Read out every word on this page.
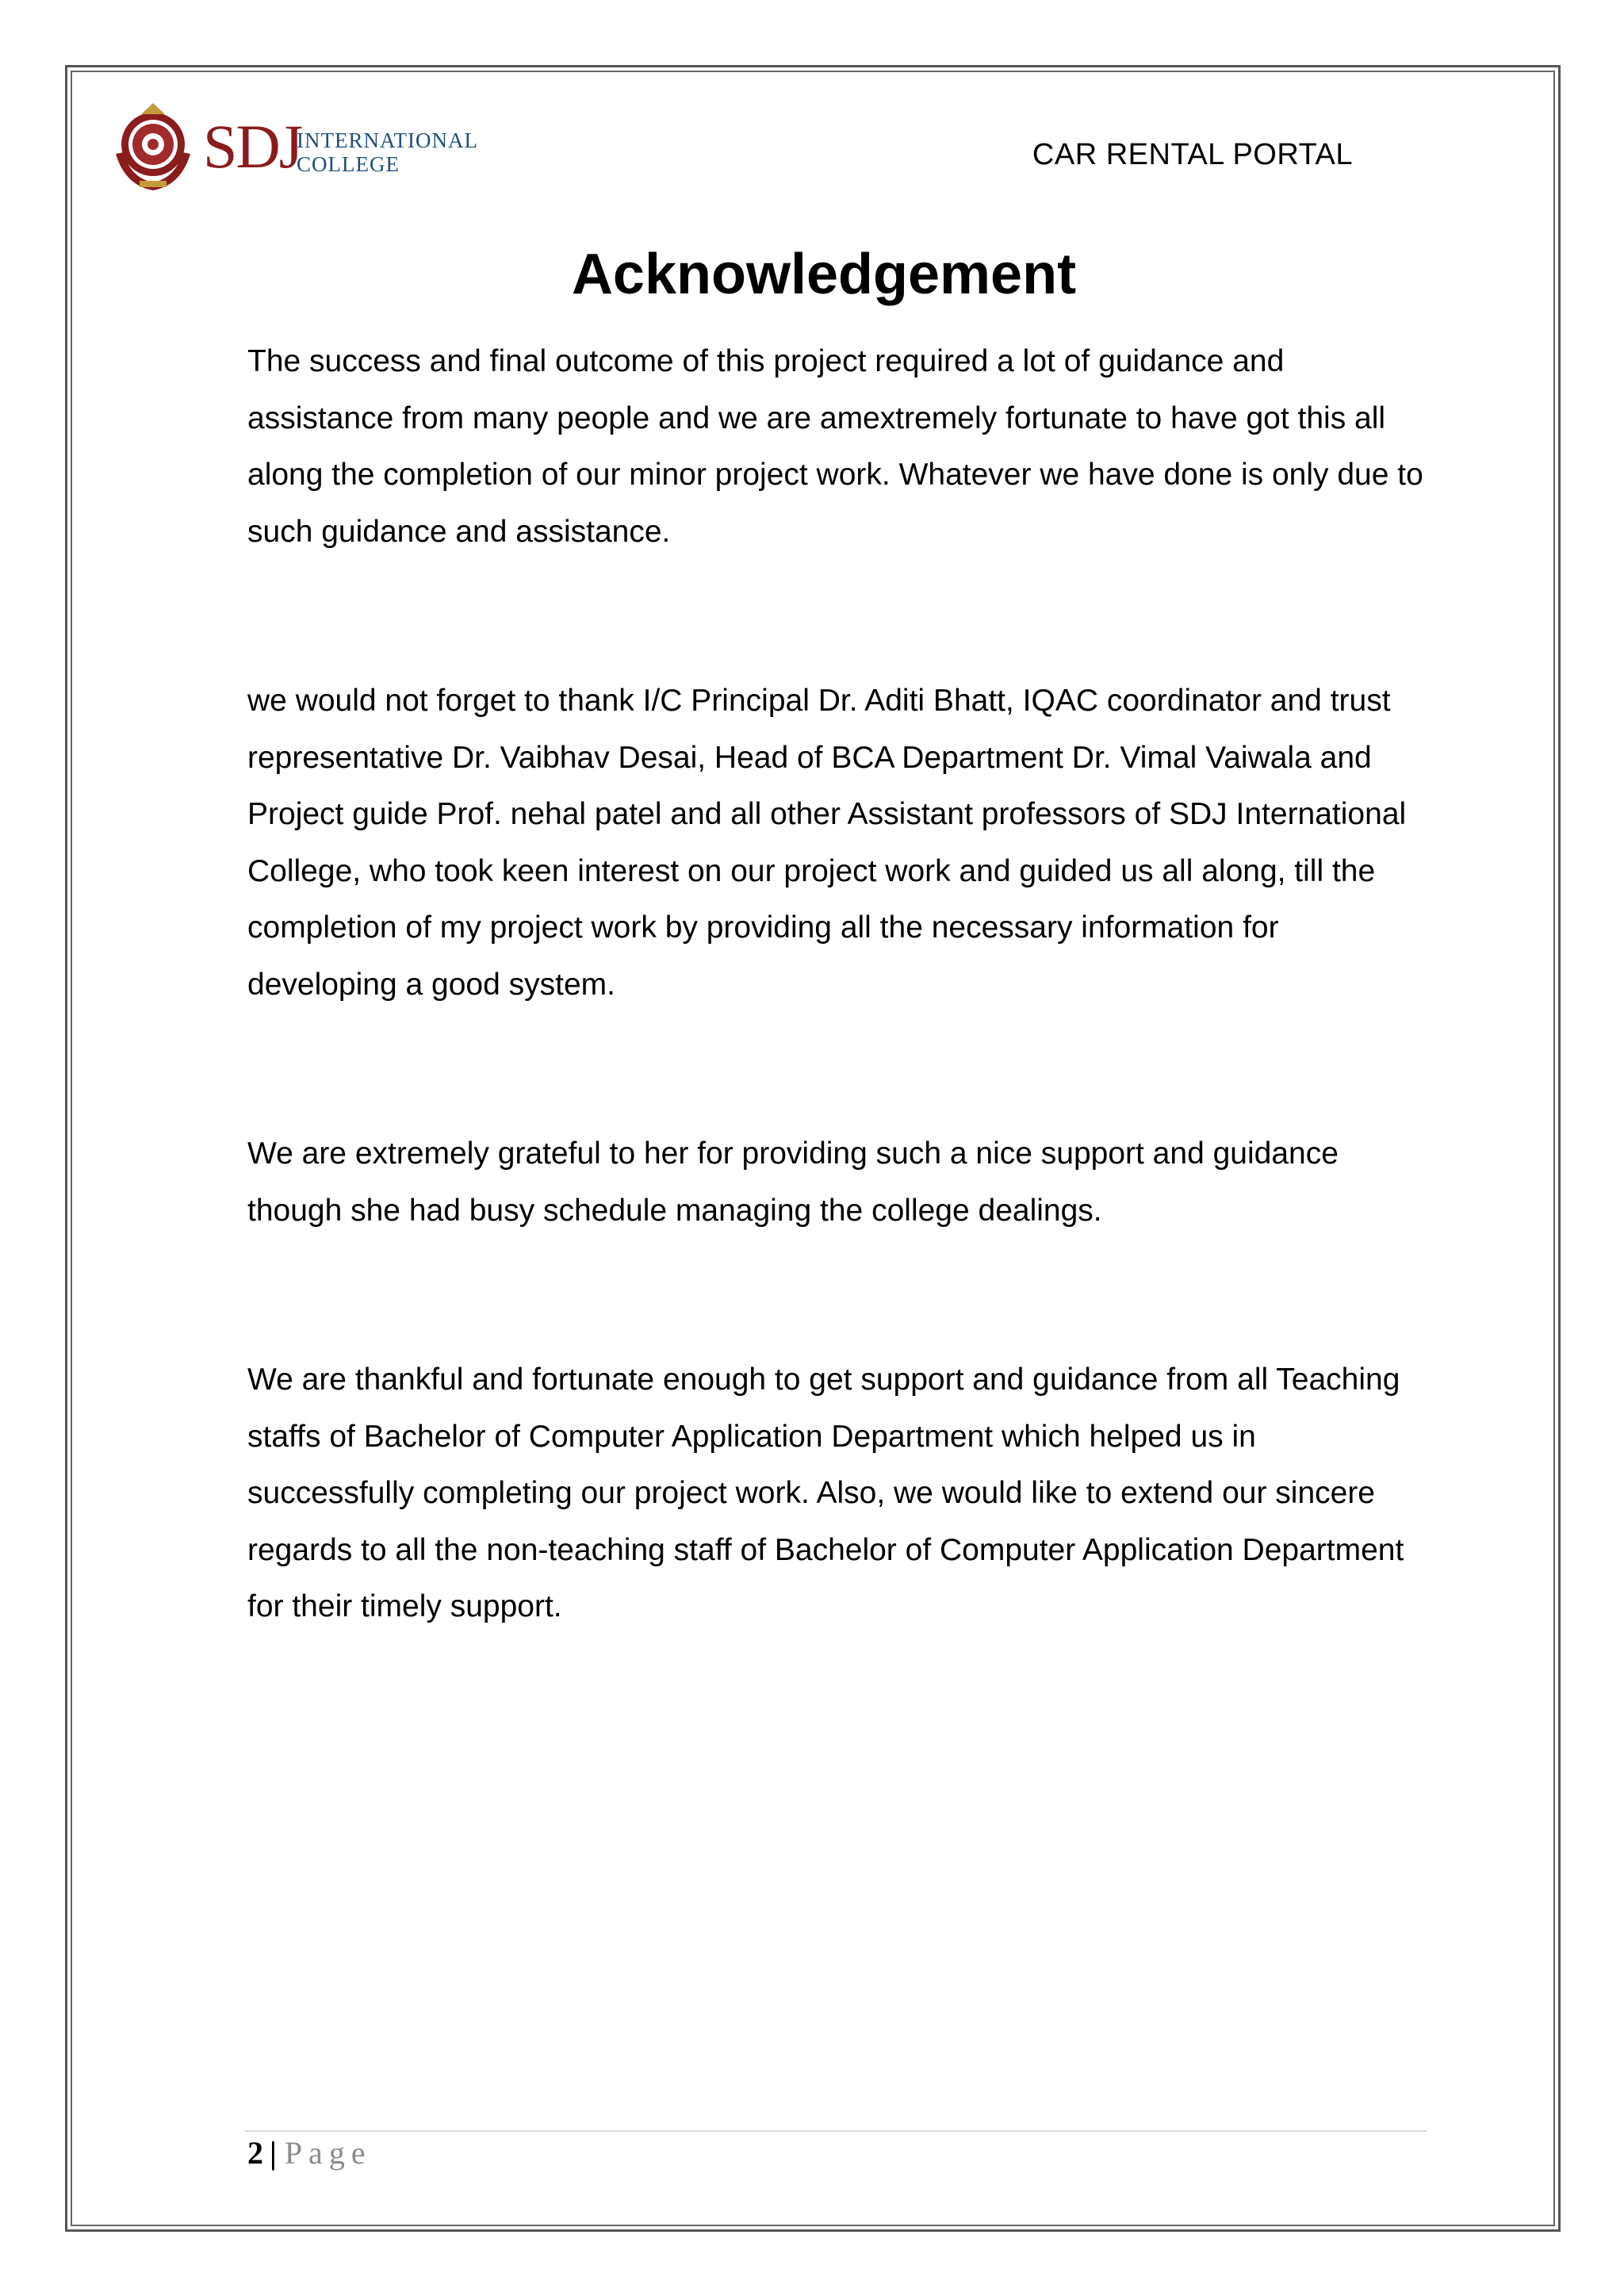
SDJ
INTERNATIONAL
COLLEGE	CAR RENTAL PORTAL
Acknowledgement

The success and final outcome of this project required a lot of guidance and assistance from many people and we are amextremely fortunate to have got this all along the completion of our minor project work. Whatever we have done is only due to such guidance and assistance.

we would not forget to thank I/C Principal Dr. Aditi Bhatt, IQAC coordinator and trust representative Dr. Vaibhav Desai, Head of BCA Department Dr. Vimal Vaiwala and Project guide Prof. nehal patel and all other Assistant professors of SDJ International College, who took keen interest on our project work and guided us all along, till the completion of my project work by providing all the necessary information for developing a good system.

We are extremely grateful to her for providing such a nice support and guidance though she had busy schedule managing the college dealings.

We are thankful and fortunate enough to get support and guidance from all Teaching staffs of Bachelor of Computer Application Department which helped us in successfully completing our project work. Also, we would like to extend our sincere regards to all the non-teaching staff of Bachelor of Computer Application Department for their timely support.

2 | Page
